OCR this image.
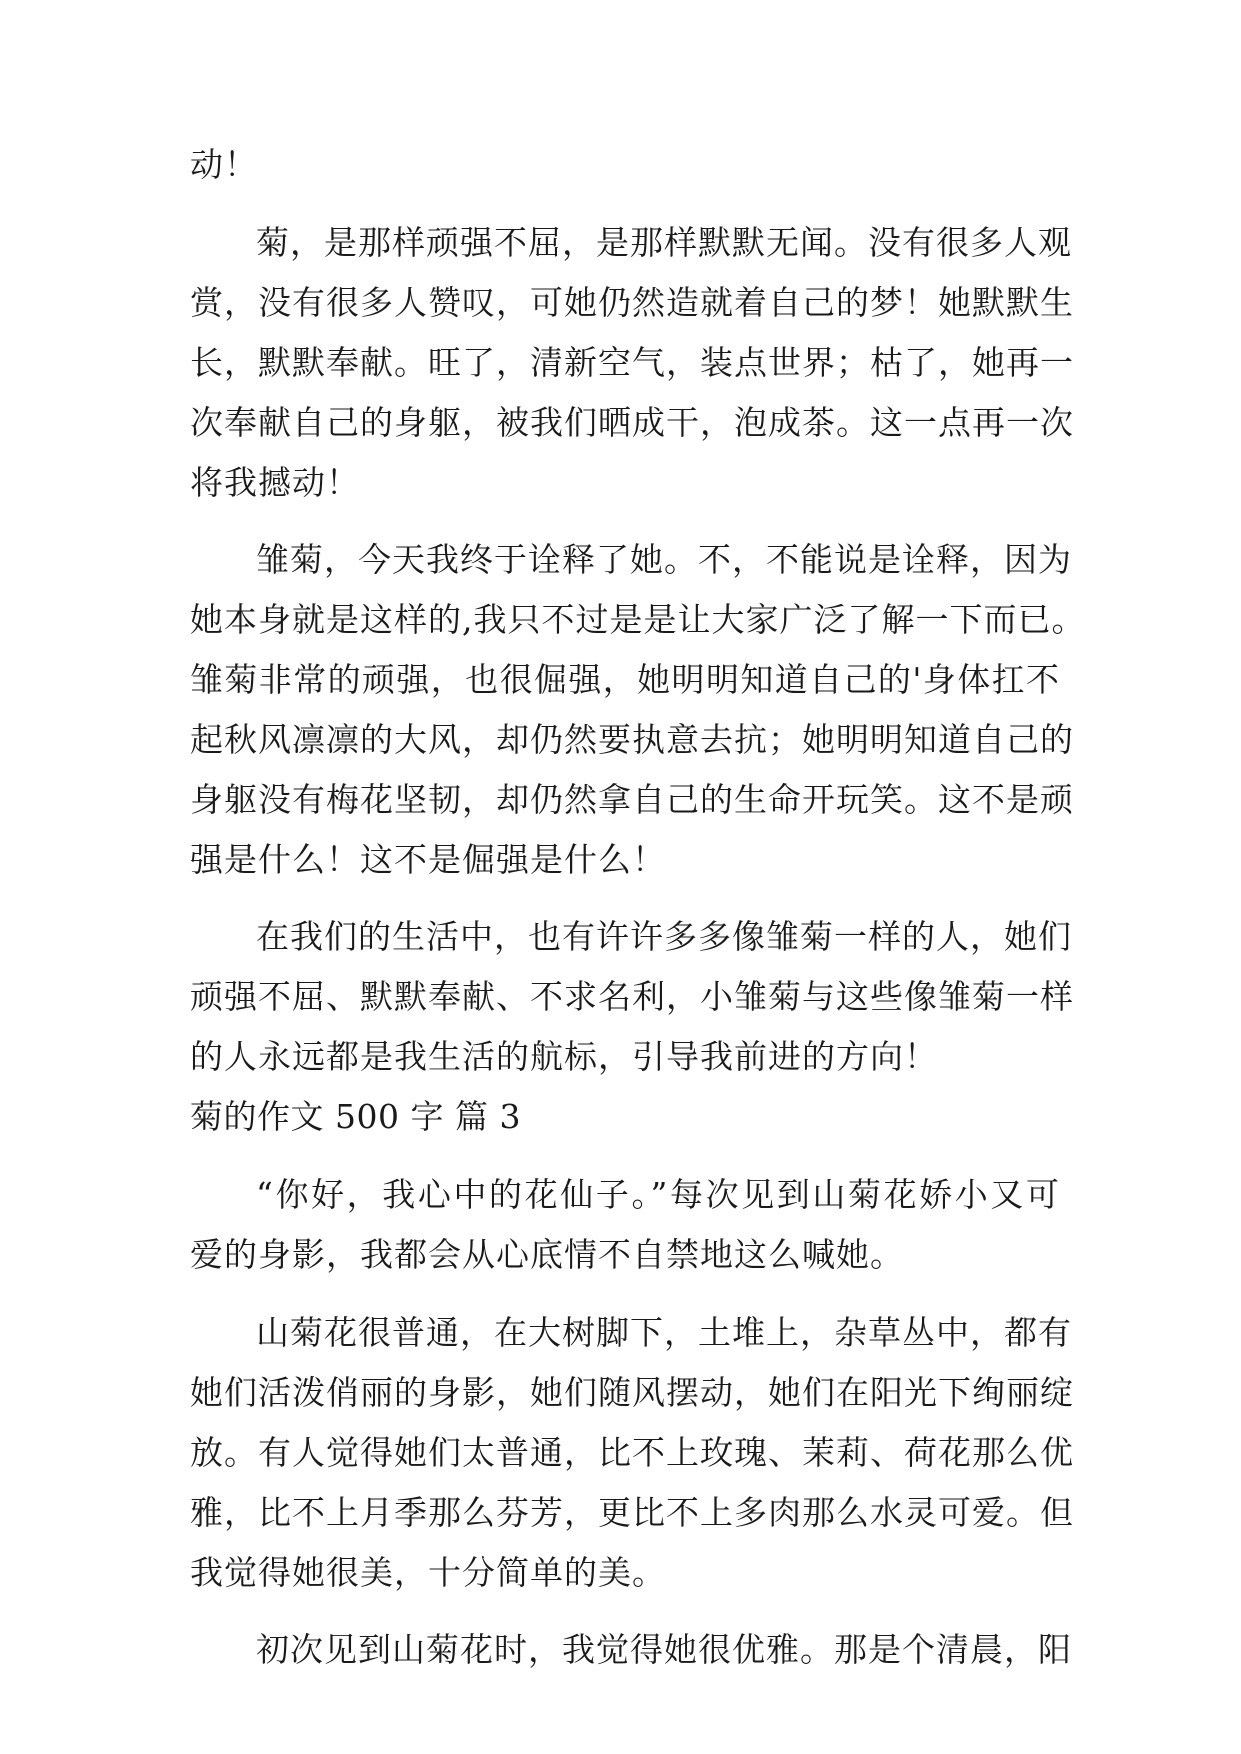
动！
菊，是那样顽强不屈，是那样默默无闻。没有很多人观
赏，没有很多人赞叹，可她仍然造就着自己的梦！她默默生
长，默默奉献。旺了，清新空气，装点世界；枯了，她再一
次奉献自己的身躯，被我们晒成干，泡成茶。这一点再一次
将我撼动！
雏菊，今天我终于诠释了她。不，不能说是诠释，因为
她本身就是这样的,我只不过是是让大家广泛了解一下而已。
雏菊非常的顽强，也很倔强，她明明知道自己的'身体扛不
起秋风凛凛的大风，却仍然要执意去抗；她明明知道自己的
身躯没有梅花坚韧，却仍然拿自己的生命开玩笑。这不是顽
强是什么！这不是倔强是什么！
在我们的生活中，也有许许多多像雏菊一样的人，她们
顽强不屈、默默奉献、不求名利，小雏菊与这些像雏菊一样
的人永远都是我生活的航标，引导我前进的方向！
菊的作文 500 字 篇 3
“你好，我心中的花仙子。”每次见到山菊花娇小又可
爱的身影，我都会从心底情不自禁地这么喊她。
山菊花很普通，在大树脚下，土堆上，杂草丛中，都有
她们活泼俏丽的身影，她们随风摆动，她们在阳光下绚丽绽
放。有人觉得她们太普通，比不上玫瑰、茉莉、荷花那么优
雅，比不上月季那么芬芳，更比不上多肉那么水灵可爱。但
我觉得她很美，十分简单的美。
初次见到山菊花时，我觉得她很优雅。那是个清晨，阳
